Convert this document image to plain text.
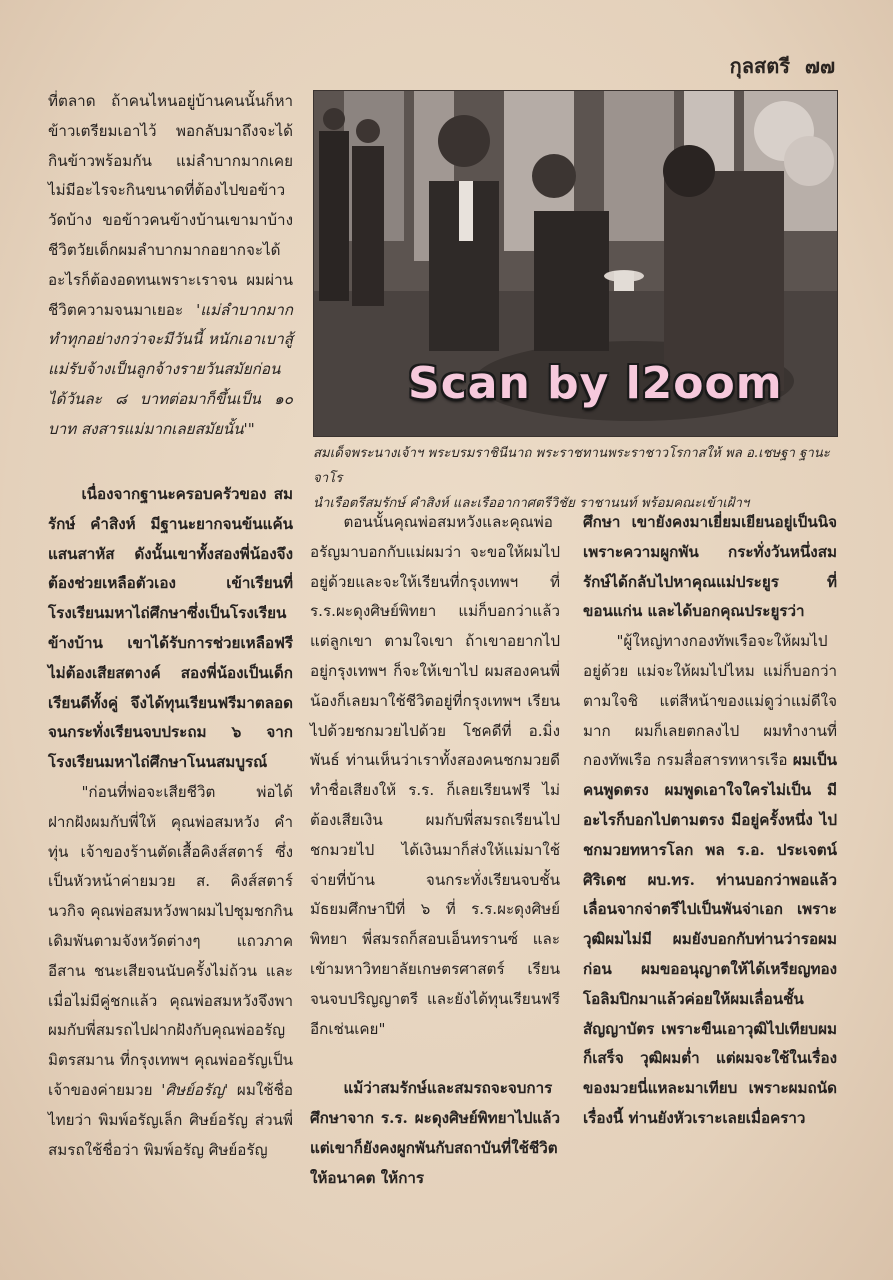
กุลสตรี ๗๗

ที่ตลาด ถ้าคนไหนอยู่บ้านคนนั้นก็หาข้าวเตรียมเอาไว้ พอกลับมาถึงจะได้กินข้าวพร้อมกัน แม่ลำบากมากเคยไม่มีอะไรจะกินขนาดที่ต้องไปขอข้าววัดบ้าง ขอข้าวคนข้างบ้านเขามาบ้าง ชีวิตวัยเด็กผมลำบากมากอยากจะได้อะไรก็ต้องอดทนเพราะเราจน ผมผ่านชีวิตความจนมาเยอะ 'แม่ลำบากมากทำทุกอย่างกว่าจะมีวันนี้ หนักเอาเบาสู้ แม่รับจ้างเป็นลูกจ้างรายวันสมัยก่อนได้วันละ ๘ บาทต่อมาก็ขึ้นเป็น ๑๐ บาท สงสารแม่มากเลยสมัยนั้น'"

Scan by l2oom

สมเด็จพระนางเจ้าฯ พระบรมราชินีนาถ พระราชทานพระราชาวโรกาสให้ พล อ.เชษฐา ฐานะจาโร

นำเรือตรีสมรักษ์ คำสิงห์ และเรืออากาศตรีวิชัย ราชานนท์ พร้อมคณะเข้าเฝ้าฯ

เนื่องจากฐานะครอบครัวของ สมรักษ์ คำสิงห์ มีฐานะยากจนข้นแค้นแสนสาหัส ดังนั้นเขาทั้งสองพี่น้องจึงต้องช่วยเหลือตัวเอง เข้าเรียนที่โรงเรียนมหาไถ่ศึกษาซึ่งเป็นโรงเรียนข้างบ้าน เขาได้รับการช่วยเหลือฟรี ไม่ต้องเสียสตางค์ สองพี่น้องเป็นเด็กเรียนดีทั้งคู่ จึงได้ทุนเรียนฟรีมาตลอดจนกระทั่งเรียนจบประถม ๖ จากโรงเรียนมหาไถ่ศึกษาโนนสมบูรณ์

"ก่อนที่พ่อจะเสียชีวิต พ่อได้ฝากฝังผมกับพี่ให้ คุณพ่อสมหวัง คำทุ่น เจ้าของร้านตัดเสื้อคิงส์สตาร์ ซึ่งเป็นหัวหน้าค่ายมวย ส. คิงส์สตาร์ นวกิจ คุณพ่อสมหวังพาผมไปชุมชกกินเดิมพันตามจังหวัดต่างๆ แถวภาคอีสาน ชนะเสียจนนับครั้งไม่ถ้วน และเมื่อไม่มีคู่ชกแล้ว คุณพ่อสมหวังจึงพาผมกับพี่สมรถไปฝากฝังกับคุณพ่ออรัญ มิตรสมาน ที่กรุงเทพฯ คุณพ่ออรัญเป็นเจ้าของค่ายมวย 'ศิษย์อรัญ' ผมใช้ชื่อไทยว่า พิมพ์อรัญเล็ก ศิษย์อรัญ ส่วนพี่สมรถใช้ชื่อว่า พิมพ์อรัญ ศิษย์อรัญ

ตอนนั้นคุณพ่อสมหวังและคุณพ่ออรัญมาบอกกับแม่ผมว่า จะขอให้ผมไปอยู่ด้วยและจะให้เรียนที่กรุงเทพฯ ที่ ร.ร.ผะดุงศิษย์พิทยา แม่ก็บอกว่าแล้วแต่ลูกเขา ตามใจเขา ถ้าเขาอยากไปอยู่กรุงเทพฯ ก็จะให้เขาไป ผมสองคนพี่น้องก็เลยมาใช้ชีวิตอยู่ที่กรุงเทพฯ เรียนไปด้วยชกมวยไปด้วย โชคดีที่ อ.มิ่งพันธ์ ท่านเห็นว่าเราทั้งสองคนชกมวยดีทำชื่อเสียงให้ ร.ร. ก็เลยเรียนฟรี ไม่ต้องเสียเงิน ผมกับพี่สมรถเรียนไปชกมวยไป ได้เงินมาก็ส่งให้แม่มาใช้จ่ายที่บ้าน จนกระทั่งเรียนจบชั้นมัธยมศึกษาปีที่ ๖ ที่ ร.ร.ผะดุงศิษย์พิทยา พี่สมรถก็สอบเอ็นทรานซ์ และเข้ามหาวิทยาลัยเกษตรศาสตร์ เรียนจนจบปริญญาตรี และยังได้ทุนเรียนฟรีอีกเช่นเคย"

แม้ว่าสมรักษ์และสมรถจะจบการศึกษาจาก ร.ร. ผะดุงศิษย์พิทยาไปแล้ว แต่เขาก็ยังคงผูกพันกับสถาบันที่ใช้ชีวิต ให้อนาคต ให้การ

ศึกษา เขายังคงมาเยี่ยมเยียนอยู่เป็นนิจ เพราะความผูกพัน กระทั่งวันหนึ่งสมรักษ์ได้กลับไปหาคุณแม่ประยูร ที่ขอนแก่น และได้บอกคุณประยูรว่า

"ผู้ใหญ่ทางกองทัพเรือจะให้ผมไปอยู่ด้วย แม่จะให้ผมไปไหม แม่ก็บอกว่าตามใจชิ แต่สีหน้าของแม่ดูว่าแม่ดีใจมาก ผมก็เลยตกลงไป ผมทำงานที่กองทัพเรือ กรมสื่อสารทหารเรือ ผมเป็นคนพูดตรง ผมพูดเอาใจใครไม่เป็น มีอะไรก็บอกไปตามตรง มีอยู่ครั้งหนึ่ง ไปชกมวยทหารโลก พล ร.อ. ประเจตน์ ศิริเดช ผบ.ทร. ท่านบอกว่าพอแล้ว เลื่อนจากจ่าตรีไปเป็นพันจ่าเอก เพราะวุฒิผมไม่มี ผมยังบอกกับท่านว่ารอผมก่อน ผมขออนุญาตให้ได้เหรียญทองโอลิมปิกมาแล้วค่อยให้ผมเลื่อนชั้นสัญญาบัตร เพราะขืนเอาวุฒิไปเทียบผมก็เสร็จ วุฒิผมต่ำ แต่ผมจะใช้ในเรื่องของมวยนี่แหละมาเทียบ เพราะผมถนัดเรื่องนี้ ท่านยังหัวเราะเลยเมื่อคราว
